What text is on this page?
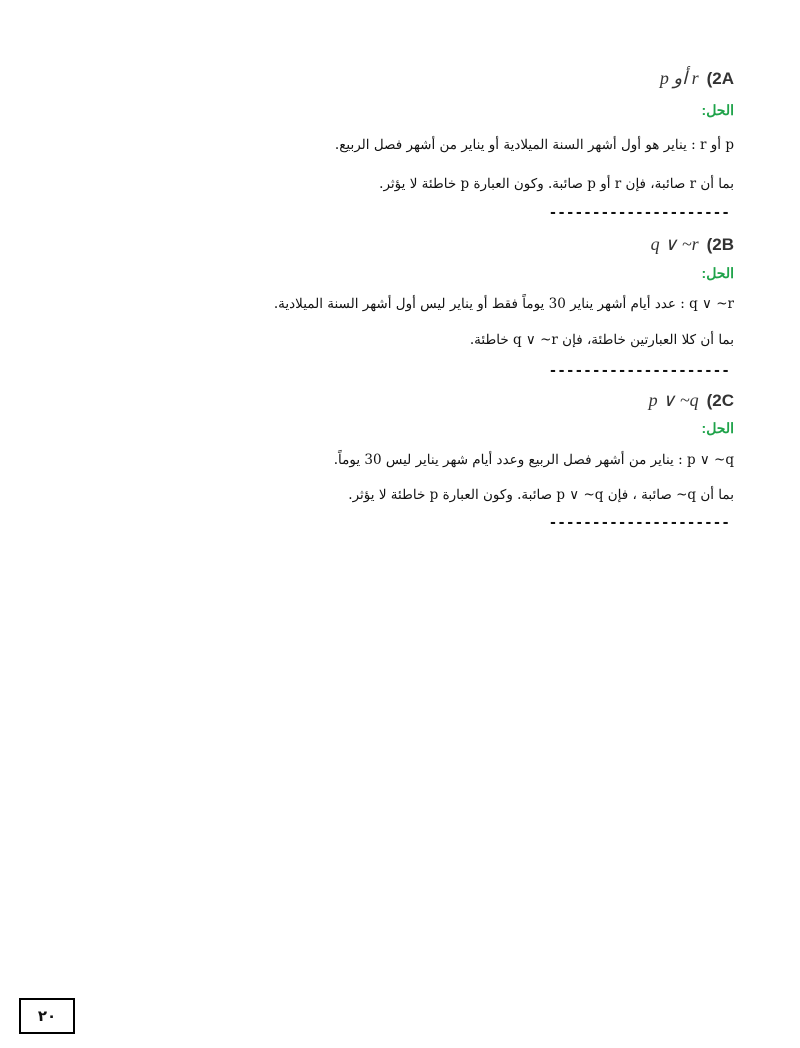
p أو r (2A
الحل:
p أو r : يناير هو أول أشهر السنة الميلادية أو يناير من أشهر فصل الربيع.
بما أن r صائبة، فإن r أو p صائبة. وكون العبارة p خاطئة لا يؤثر.
---------------------
q ∨ ~r (2B
الحل:
q ∨ ~r : عدد أيام أشهر يناير 30 يوماً فقط أو يناير ليس أول أشهر السنة الميلادية.
بما أن كلا العبارتين خاطئة، فإن q ∨ ~r خاطئة.
---------------------
p ∨ ~q (2C
الحل:
p ∨ ~q : يناير من أشهر فصل الربيع وعدد أيام شهر يناير ليس 30 يوماً.
بما أن q~ صائبة ، فإن p ∨ ~q صائبة. وكون العبارة p خاطئة لا يؤثر.
---------------------
٢٠
